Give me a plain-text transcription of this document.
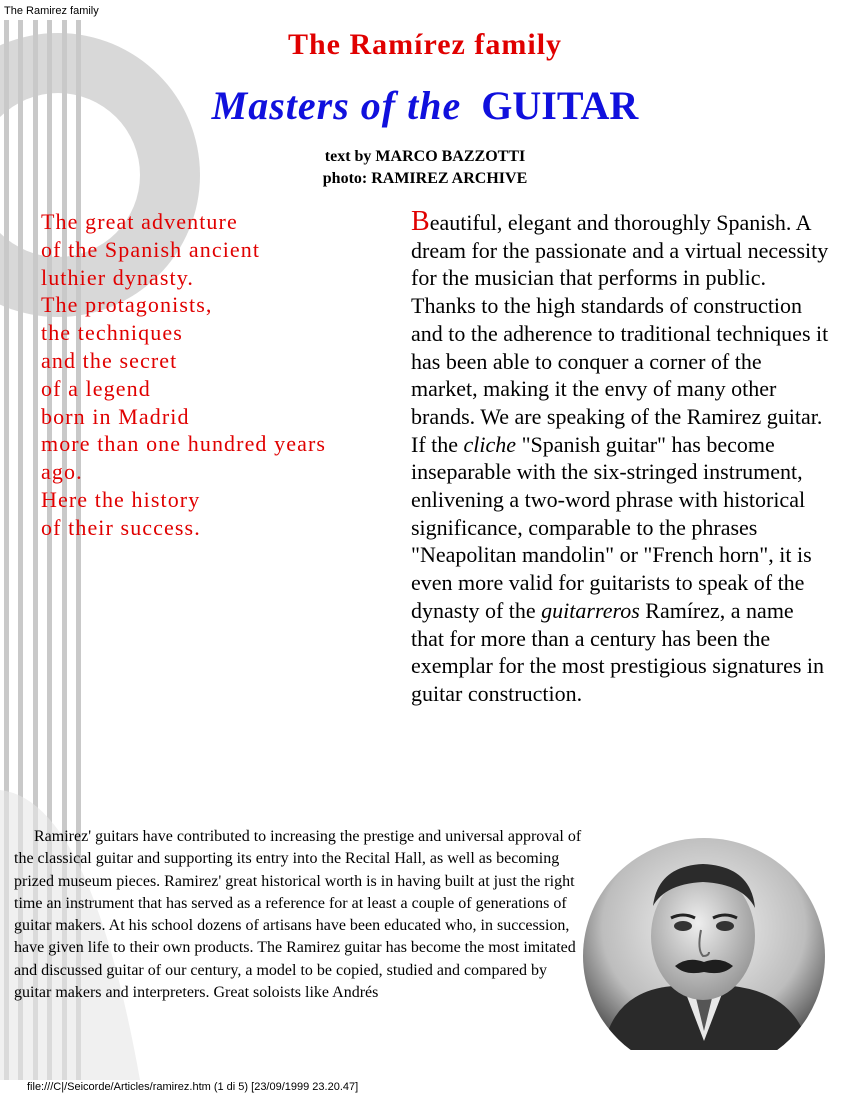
The Ramirez family
The Ramírez family
Masters of the GUITAR
text by MARCO BAZZOTTI
photo: RAMIREZ ARCHIVE
The great adventure
of the Spanish ancient
luthier dynasty.
The protagonists,
the techniques
and the secret
of a legend
born in Madrid
more than one hundred years
ago.
Here the history
of their success.
Beautiful, elegant and thoroughly Spanish. A dream for the passionate and a virtual necessity for the musician that performs in public. Thanks to the high standards of construction and to the adherence to traditional techniques it has been able to conquer a corner of the market, making it the envy of many other brands. We are speaking of the Ramirez guitar. If the cliche "Spanish guitar" has become inseparable with the six-stringed instrument, enlivening a two-word phrase with historical significance, comparable to the phrases "Neapolitan mandolin" or "French horn", it is even more valid for guitarists to speak of the dynasty of the guitarreros Ramírez, a name that for more than a century has been the exemplar for the most prestigious signatures in guitar construction.
Ramirez' guitars have contributed to increasing the prestige and universal approval of the classical guitar and supporting its entry into the Recital Hall, as well as becoming prized museum pieces. Ramirez' great historical worth is in having built at just the right time an instrument that has served as a reference for at least a couple of generations of guitar makers. At his school dozens of artisans have been educated who, in succession, have given life to their own products. The Ramirez guitar has become the most imitated and discussed guitar of our century, a model to be copied, studied and compared by guitar makers and interpreters. Great soloists like Andrés
file:///C|/Seicorde/Articles/ramirez.htm (1 di 5) [23/09/1999 23.20.47]
